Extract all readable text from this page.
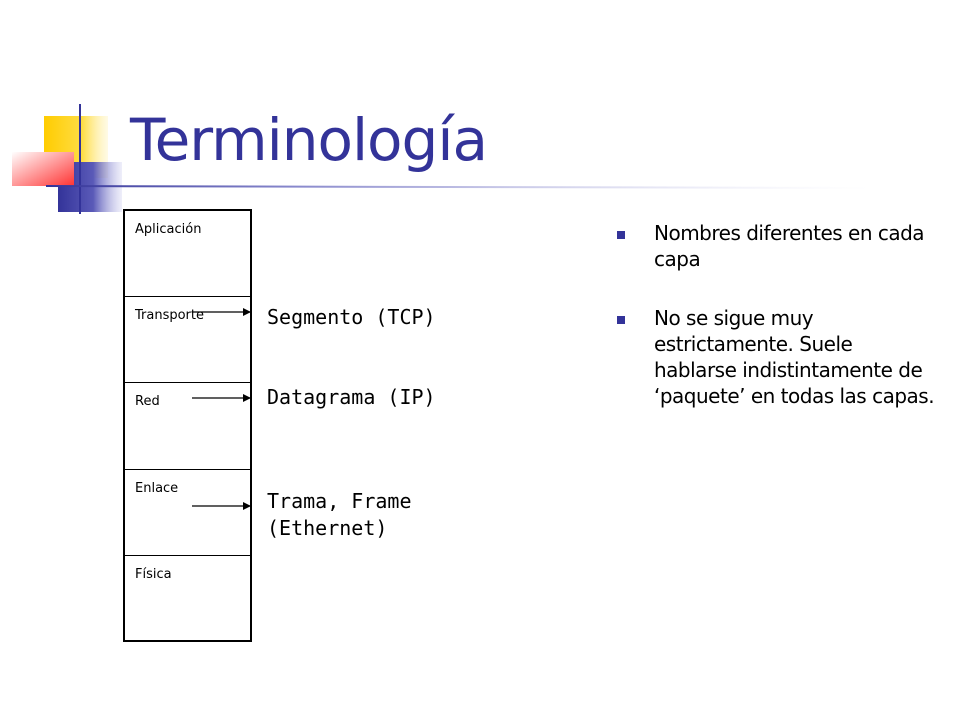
Terminología
Aplicación
Transporte
Red
Enlace
Física

Segmento (TCP)

Datagrama (IP)

Trama, Frame
(Ethernet)

Nombres diferentes en cada capa
No se sigue muy estrictamente. Suele hablarse indistintamente de ‘paquete’ en todas las capas.
